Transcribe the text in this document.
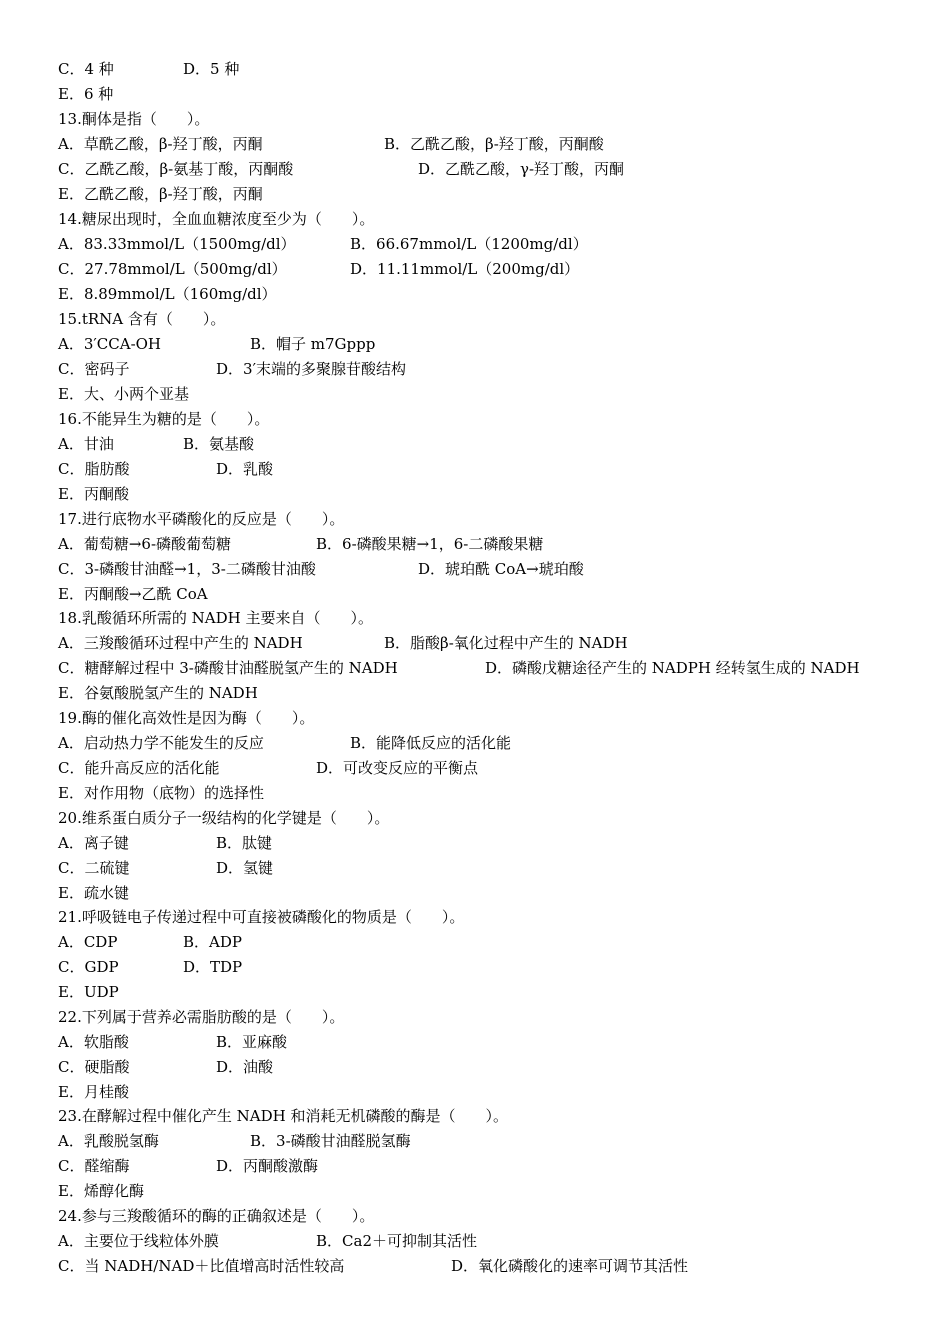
C．4 种	D．5 种
E．6 种
13.酮体是指（　　）。
A．草酰乙酸，β-羟丁酸，丙酮	B．乙酰乙酸，β-羟丁酸，丙酮酸
C．乙酰乙酸，β-氨基丁酸，丙酮酸	D．乙酰乙酸，γ-羟丁酸，丙酮
E．乙酰乙酸，β-羟丁酸，丙酮
14.糖尿出现时，全血血糖浓度至少为（　　）。
A．83.33mmol/L（1500mg/dl）	B．66.67mmol/L（1200mg/dl）
C．27.78mmol/L（500mg/dl）	D．11.11mmol/L（200mg/dl）
E．8.89mmol/L（160mg/dl）
15.tRNA 含有（　　）。
A．3′CCA-OH	B．帽子 m7Gppp
C．密码子	D．3′末端的多聚腺苷酸结构
E．大、小两个亚基
16.不能异生为糖的是（　　）。
A．甘油	B．氨基酸
C．脂肪酸	D．乳酸
E．丙酮酸
17.进行底物水平磷酸化的反应是（　　）。
A．葡萄糖→6-磷酸葡萄糖	B．6-磷酸果糖→1，6-二磷酸果糖
C．3-磷酸甘油醛→1，3-二磷酸甘油酸	D．琥珀酰 CoA→琥珀酸
E．丙酮酸→乙酰 CoA
18.乳酸循环所需的 NADH 主要来自（　　）。
A．三羧酸循环过程中产生的 NADH	B．脂酸β-氧化过程中产生的 NADH
C．糖酵解过程中 3-磷酸甘油醛脱氢产生的 NADH	D．磷酸戊糖途径产生的 NADPH 经转氢生成的 NADH
E．谷氨酸脱氢产生的 NADH
19.酶的催化高效性是因为酶（　　）。
A．启动热力学不能发生的反应	B．能降低反应的活化能
C．能升高反应的活化能	D．可改变反应的平衡点
E．对作用物（底物）的选择性
20.维系蛋白质分子一级结构的化学键是（　　）。
A．离子键	B．肽键
C．二硫键	D．氢键
E．疏水键
21.呼吸链电子传递过程中可直接被磷酸化的物质是（　　）。
A．CDP	B．ADP
C．GDP	D．TDP
E．UDP
22.下列属于营养必需脂肪酸的是（　　）。
A．软脂酸	B．亚麻酸
C．硬脂酸	D．油酸
E．月桂酸
23.在酵解过程中催化产生 NADH 和消耗无机磷酸的酶是（　　）。
A．乳酸脱氢酶	B．3-磷酸甘油醛脱氢酶
C．醛缩酶	D．丙酮酸激酶
E．烯醇化酶
24.参与三羧酸循环的酶的正确叙述是（　　）。
A．主要位于线粒体外膜	B．Ca2＋可抑制其活性
C．当 NADH/NAD＋比值增高时活性较高	D．氧化磷酸化的速率可调节其活性
